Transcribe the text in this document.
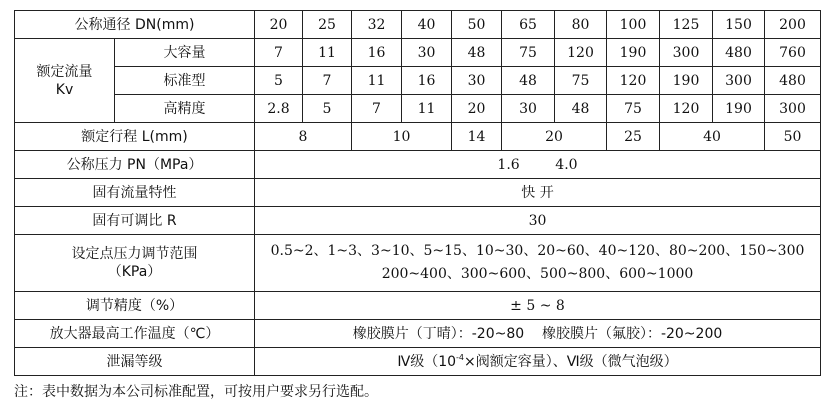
公称通径 DN(mm)		20	25	32	40	50	65	80	100	125	150	200

额定流量
Kv	大容量	7	11	16	30	48	75	120	190	300	480	760
	标准型	5	7	11	16	30	48	75	120	190	300	480
	高精度	2.8	5	7	11	20	30	48	75	120	190	300
额定行程 L(mm)		8		10		14	20		25	40		50
公称压力 PN（MPa）		1.6        4.0										
固有流量特性		快 开										
固有可调比 R		30										

设定点压力调节范围
（KPa）		0.5~2、1~3、3~10、5~15、10~30、20~60、40~120、80~200、150~300
200~400、300~600、500~800、600~1000										

调节精度（%）		± 5 ~ 8										
放大器最高工作温度（℃）		橡胶膜片（丁晴）：-20~80    橡胶膜片（氟胶）：-20~200										
泄漏等级		Ⅳ级（$10^{-4}\times$阀额定容量）、Ⅵ级（微气泡级）										
注：表中数据为本公司标准配置，可按用户要求另行选配。
